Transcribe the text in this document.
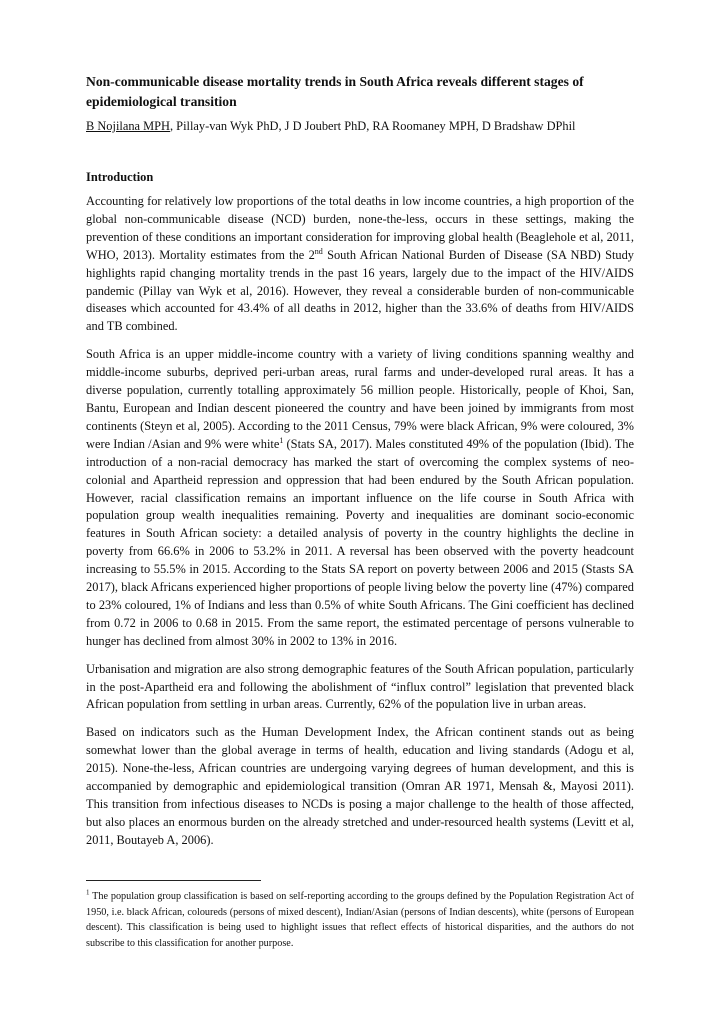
Non-communicable disease mortality trends in South Africa reveals different stages of epidemiological transition

B Nojilana MPH, Pillay-van Wyk PhD, J D Joubert PhD, RA Roomaney MPH, D Bradshaw DPhil

Introduction

Accounting for relatively low proportions of the total deaths in low income countries, a high proportion of the global non-communicable disease (NCD) burden, none-the-less, occurs in these settings, making the prevention of these conditions an important consideration for improving global health (Beaglehole et al, 2011, WHO, 2013). Mortality estimates from the 2nd South African National Burden of Disease (SA NBD) Study highlights rapid changing mortality trends in the past 16 years, largely due to the impact of the HIV/AIDS pandemic (Pillay van Wyk et al, 2016). However, they reveal a considerable burden of non-communicable diseases which accounted for 43.4% of all deaths in 2012, higher than the 33.6% of deaths from HIV/AIDS and TB combined.

South Africa is an upper middle-income country with a variety of living conditions spanning wealthy and middle-income suburbs, deprived peri-urban areas, rural farms and under-developed rural areas. It has a diverse population, currently totalling approximately 56 million people. Historically, people of Khoi, San, Bantu, European and Indian descent pioneered the country and have been joined by immigrants from most continents (Steyn et al, 2005). According to the 2011 Census, 79% were black African, 9% were coloured, 3% were Indian /Asian and 9% were white$^1$ (Stats SA, 2017). Males constituted 49% of the population (Ibid). The introduction of a non-racial democracy has marked the start of overcoming the complex systems of neo-colonial and Apartheid repression and oppression that had been endured by the South African population. However, racial classification remains an important influence on the life course in South Africa with population group wealth inequalities remaining. Poverty and inequalities are dominant socio-economic features in South African society: a detailed analysis of poverty in the country highlights the decline in poverty from 66.6% in 2006 to 53.2% in 2011. A reversal has been observed with the poverty headcount increasing to 55.5% in 2015. According to the Stats SA report on poverty between 2006 and 2015 (Stasts SA 2017), black Africans experienced higher proportions of people living below the poverty line (47%) compared to 23% coloured, 1% of Indians and less than 0.5% of white South Africans. The Gini coefficient has declined from 0.72 in 2006 to 0.68 in 2015. From the same report, the estimated percentage of persons vulnerable to hunger has declined from almost 30% in 2002 to 13% in 2016.

Urbanisation and migration are also strong demographic features of the South African population, particularly in the post-Apartheid era and following the abolishment of “influx control” legislation that prevented black African population from settling in urban areas. Currently, 62% of the population live in urban areas.

Based on indicators such as the Human Development Index, the African continent stands out as being somewhat lower than the global average in terms of health, education and living standards (Adogu et al, 2015). None-the-less, African countries are undergoing varying degrees of human development, and this is accompanied by demographic and epidemiological transition (Omran AR 1971, Mensah &, Mayosi 2011). This transition from infectious diseases to NCDs is posing a major challenge to the health of those affected, but also places an enormous burden on the already stretched and under-resourced health systems (Levitt et al, 2011, Boutayeb A, 2006).

$^1$ The population group classification is based on self-reporting according to the groups defined by the Population Registration Act of 1950, i.e. black African, coloureds (persons of mixed descent), Indian/Asian (persons of Indian descents), white (persons of European descent). This classification is being used to highlight issues that reflect effects of historical disparities, and the authors do not subscribe to this classification for another purpose.
